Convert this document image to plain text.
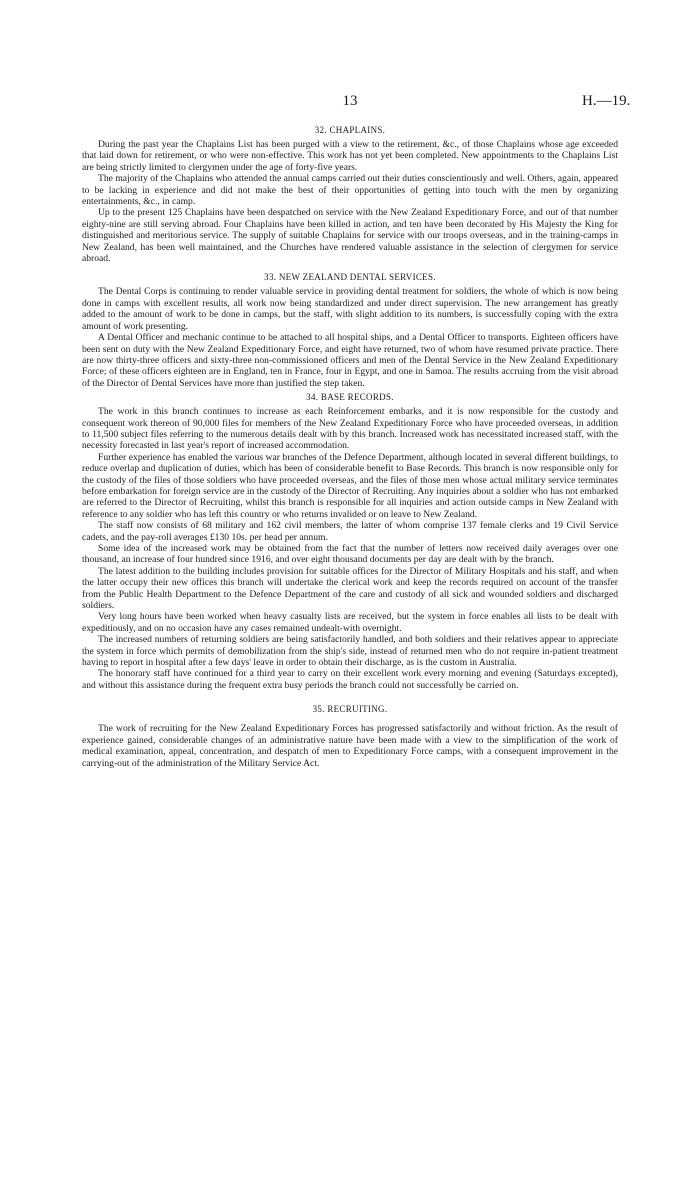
13	H.—19.
32. CHAPLAINS.

During the past year the Chaplains List has been purged with a view to the retirement, &c., of those Chaplains whose age exceeded that laid down for retirement, or who were non-effective. This work has not yet been completed. New appointments to the Chaplains List are being strictly limited to clergymen under the age of forty-five years.

The majority of the Chaplains who attended the annual camps carried out their duties conscientiously and well. Others, again, appeared to be lacking in experience and did not make the best of their opportunities of getting into touch with the men by organizing entertainments, &c., in camp.

Up to the present 125 Chaplains have been despatched on service with the New Zealand Expeditionary Force, and out of that number eighty-nine are still serving abroad. Four Chaplains have been killed in action, and ten have been decorated by His Majesty the King for distinguished and meritorious service. The supply of suitable Chaplains for service with our troops overseas, and in the training-camps in New Zealand, has been well maintained, and the Churches have rendered valuable assistance in the selection of clergymen for service abroad.

33. NEW ZEALAND DENTAL SERVICES.

The Dental Corps is continuing to render valuable service in providing dental treatment for soldiers, the whole of which is now being done in camps with excellent results, all work now being standardized and under direct supervision. The new arrangement has greatly added to the amount of work to be done in camps, but the staff, with slight addition to its numbers, is successfully coping with the extra amount of work presenting.

A Dental Officer and mechanic continue to be attached to all hospital ships, and a Dental Officer to transports. Eighteen officers have been sent on duty with the New Zealand Expeditionary Force, and eight have returned, two of whom have resumed private practice. There are now thirty-three officers and sixty-three non-commissioned officers and men of the Dental Service in the New Zealand Expeditionary Force; of these officers eighteen are in England, ten in France, four in Egypt, and one in Samoa. The results accruing from the visit abroad of the Director of Dental Services have more than justified the step taken.

34. BASE RECORDS.

The work in this branch continues to increase as each Reinforcement embarks, and it is now responsible for the custody and consequent work thereon of 90,000 files for members of the New Zealand Expeditionary Force who have proceeded overseas, in addition to 11,500 subject files referring to the numerous details dealt with by this branch. Increased work has necessitated increased staff, with the necessity forecasted in last year's report of increased accommodation.

Further experience has enabled the various war branches of the Defence Department, although located in several different buildings, to reduce overlap and duplication of duties, which has been of considerable benefit to Base Records. This branch is now responsible only for the custody of the files of those soldiers who have proceeded overseas, and the files of those men whose actual military service terminates before embarkation for foreign service are in the custody of the Director of Recruiting. Any inquiries about a soldier who has not embarked are referred to the Director of Recruiting, whilst this branch is responsible for all inquiries and action outside camps in New Zealand with reference to any soldier who has left this country or who returns invalided or on leave to New Zealand.

The staff now consists of 68 military and 162 civil members, the latter of whom comprise 137 female clerks and 19 Civil Service cadets, and the pay-roll averages £130 10s. per head per annum.

Some idea of the increased work may be obtained from the fact that the number of letters now received daily averages over one thousand, an increase of four hundred since 1916, and over eight thousand documents per day are dealt with by the branch.

The latest addition to the building includes provision for suitable offices for the Director of Military Hospitals and his staff, and when the latter occupy their new offices this branch will undertake the clerical work and keep the records required on account of the transfer from the Public Health Department to the Defence Department of the care and custody of all sick and wounded soldiers and discharged soldiers.

Very long hours have been worked when heavy casualty lists are received, but the system in force enables all lists to be dealt with expeditiously, and on no occasion have any cases remained undealt-with overnight.

The increased numbers of returning soldiers are being satisfactorily handled, and both soldiers and their relatives appear to appreciate the system in force which permits of demobilization from the ship's side, instead of returned men who do not require in-patient treatment having to report in hospital after a few days' leave in order to obtain their discharge, as is the custom in Australia.

The honorary staff have continued for a third year to carry on their excellent work every morning and evening (Saturdays excepted), and without this assistance during the frequent extra busy periods the branch could not successfully be carried on.

35. RECRUITING.

The work of recruiting for the New Zealand Expeditionary Forces has progressed satisfactorily and without friction. As the result of experience gained, considerable changes of an administrative nature have been made with a view to the simplification of the work of medical examination, appeal, concentration, and despatch of men to Expeditionary Force camps, with a consequent improvement in the carrying-out of the administration of the Military Service Act.
